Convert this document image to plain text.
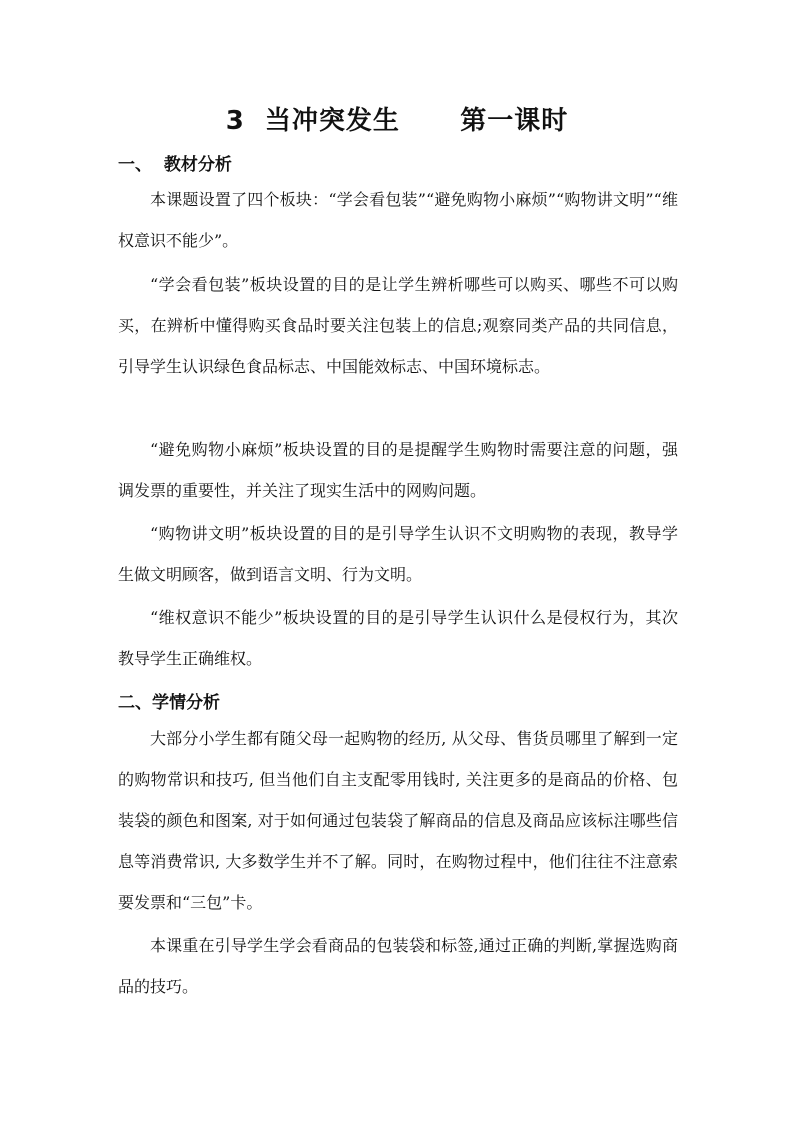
3  当冲突发生      第一课时
一、  教材分析
本课题设置了四个板块：“学会看包装”“避免购物小麻烦”“购物讲文明”“维权意识不能少”。
“学会看包装”板块设置的目的是让学生辨析哪些可以购买、哪些不可以购买，在辨析中懂得购买食品时要关注包装上的信息;观察同类产品的共同信息，引导学生认识绿色食品标志、中国能效标志、中国环境标志。
“避免购物小麻烦”板块设置的目的是提醒学生购物时需要注意的问题，强调发票的重要性，并关注了现实生活中的网购问题。
“购物讲文明”板块设置的目的是引导学生认识不文明购物的表现，教导学生做文明顾客，做到语言文明、行为文明。
“维权意识不能少”板块设置的目的是引导学生认识什么是侵权行为，其次教导学生正确维权。
二、学情分析
大部分小学生都有随父母一起购物的经历, 从父母、售货员哪里了解到一定的购物常识和技巧, 但当他们自主支配零用钱时, 关注更多的是商品的价格、包装袋的颜色和图案, 对于如何通过包装袋了解商品的信息及商品应该标注哪些信息等消费常识, 大多数学生并不了解。同时，在购物过程中，他们往往不注意索要发票和“三包”卡。
本课重在引导学生学会看商品的包装袋和标签,通过正确的判断,掌握选购商品的技巧。
